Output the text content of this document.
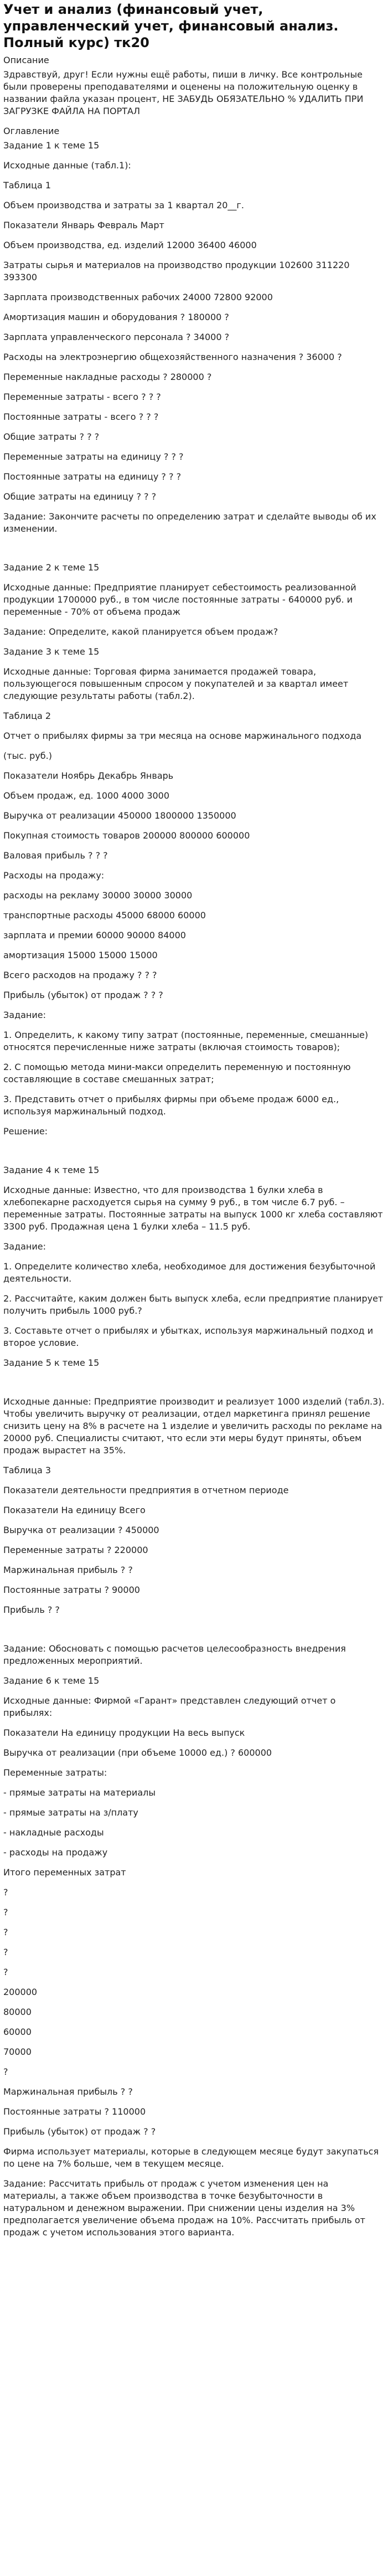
Учет и анализ (финансовый учет, управленческий учет, финансовый анализ. Полный курс) тк20

Описание

Здравствуй, друг! Если нужны ещё работы, пиши в личку. Все контрольные были проверены преподавателями и оценены на положительную оценку в названии файла указан процент, НЕ ЗАБУДЬ ОБЯЗАТЕЛЬНО % УДАЛИТЬ ПРИ ЗАГРУЗКЕ ФАЙЛА НА ПОРТАЛ

Оглавление

Задание 1 к теме 15

Исходные данные (табл.1):

Таблица 1

Объем производства и затраты за 1 квартал 20__г.

Показатели Январь Февраль Март

Объем производства, ед. изделий 12000 36400 46000

Затраты сырья и материалов на производство продукции 102600 311220 393300

Зарплата производственных рабочих 24000 72800 92000

Амортизация машин и оборудования ? 180000 ?

Зарплата управленческого персонала ? 34000 ?

Расходы на электроэнергию общехозяйственного назначения ? 36000 ?

Переменные накладные расходы ? 280000 ?

Переменные затраты - всего ? ? ?

Постоянные затраты - всего ? ? ?

Общие затраты ? ? ?

Переменные затраты на единицу ? ? ?

Постоянные затраты на единицу ? ? ?

Общие затраты на единицу ? ? ?

Задание: Закончите расчеты по определению затрат и сделайте выводы об их изменении.

Задание 2 к теме 15

Исходные данные: Предприятие планирует себестоимость реализованной продукции 1700000 руб., в том числе постоянные затраты - 640000 руб. и переменные - 70% от объема продаж

Задание: Определите, какой планируется объем продаж?

Задание 3 к теме 15

Исходные данные: Торговая фирма занимается продажей товара, пользующегося повышенным спросом у покупателей и за квартал имеет следующие результаты работы (табл.2).

Таблица 2

Отчет о прибылях фирмы за три месяца на основе маржинального подхода

(тыс. руб.)

Показатели Ноябрь Декабрь Январь

Объем продаж, ед. 1000 4000 3000

Выручка от реализации 450000 1800000 1350000

Покупная стоимость товаров 200000 800000 600000

Валовая прибыль ? ? ?

Расходы на продажу:

расходы на рекламу 30000 30000 30000

транспортные расходы 45000 68000 60000

зарплата и премии 60000 90000 84000

амортизация 15000 15000 15000

Всего расходов на продажу ? ? ?

Прибыль (убыток) от продаж ? ? ?

Задание:

1. Определить, к какому типу затрат (постоянные, переменные, смешанные) относятся перечисленные ниже затраты (включая стоимость товаров);

2. С помощью метода мини-макси определить переменную и постоянную составляющие в составе смешанных затрат;

3. Представить отчет о прибылях фирмы при объеме продаж 6000 ед., используя маржинальный подход.

Решение:

Задание 4 к теме 15

Исходные данные: Известно, что для производства 1 булки хлеба в хлебопекарне расходуется сырья на сумму 9 руб., в том числе 6.7 руб. – переменные затраты. Постоянные затраты на выпуск 1000 кг хлеба составляют 3300 руб. Продажная цена 1 булки хлеба – 11.5 руб.

Задание:

1. Определите количество хлеба, необходимое для достижения безубыточной деятельности.

2. Рассчитайте, каким должен быть выпуск хлеба, если предприятие планирует получить прибыль 1000 руб.?

3. Составьте отчет о прибылях и убытках, используя маржинальный подход и второе условие.

Задание 5 к теме 15

Исходные данные: Предприятие производит и реализует 1000 изделий (табл.3). Чтобы увеличить выручку от реализации, отдел маркетинга принял решение снизить цену на 8% в расчете на 1 изделие и увеличить расходы по рекламе на 20000 руб. Специалисты считают, что если эти меры будут приняты, объем продаж вырастет на 35%.

Таблица 3

Показатели деятельности предприятия в отчетном периоде

Показатели На единицу Всего

Выручка от реализации ? 450000

Переменные затраты ? 220000

Маржинальная прибыль ? ?

Постоянные затраты ? 90000

Прибыль ? ?

Задание: Обосновать с помощью расчетов целесообразность внедрения предложенных мероприятий.

Задание 6 к теме 15

Исходные данные: Фирмой «Гарант» представлен следующий отчет о прибылях:

Показатели На единицу продукции На весь выпуск

Выручка от реализации (при объеме 10000 ед.) ? 600000

Переменные затраты:

- прямые затраты на материалы

- прямые затраты на з/плату

- накладные расходы

- расходы на продажу

Итого переменных затрат

?

?

?

?

?

200000

80000

60000

70000

?

Маржинальная прибыль ? ?

Постоянные затраты ? 110000

Прибыль (убыток) от продаж ? ?

Фирма использует материалы, которые в следующем месяце будут закупаться по цене на 7% больше, чем в текущем месяце.

Задание: Рассчитать прибыль от продаж с учетом изменения цен на материалы, а также объем производства в точке безубыточности в натуральном и денежном выражении. При снижении цены изделия на 3% предполагается увеличение объема продаж на 10%. Рассчитать прибыль от продаж с учетом использования этого варианта.
